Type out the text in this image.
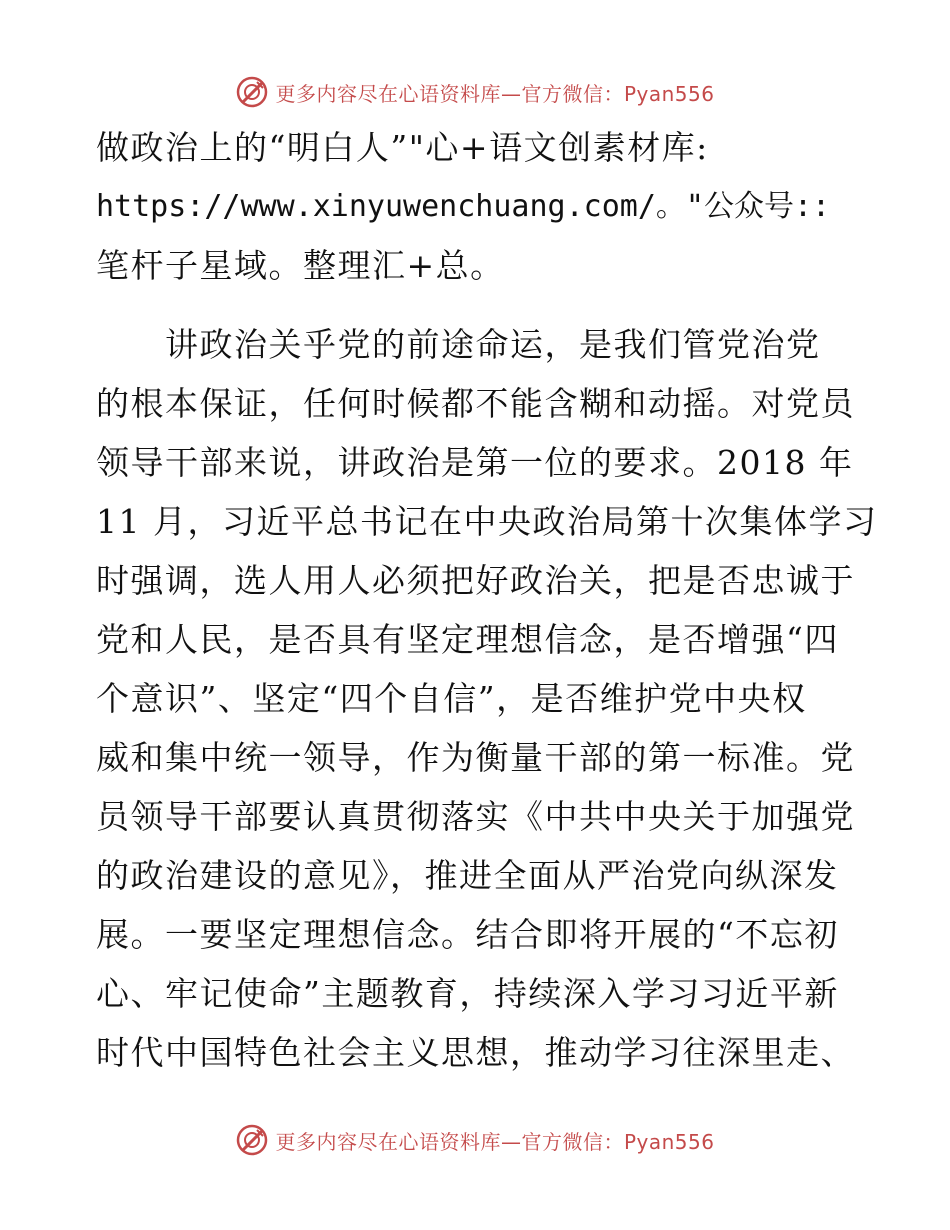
更多内容尽在心语资料库—官方微信：Pyan556
做政治上的“明白人”"心+语文创素材库:
https://www.xinyuwenchuang.com/。"公众号::
笔杆子星域。整理汇+总。
　　讲政治关乎党的前途命运，是我们管党治党
的根本保证，任何时候都不能含糊和动摇。对党员
领导干部来说，讲政治是第一位的要求。2018 年
11 月，习近平总书记在中央政治局第十次集体学习
时强调，选人用人必须把好政治关，把是否忠诚于
党和人民，是否具有坚定理想信念，是否增强“四
个意识”、坚定“四个自信”，是否维护党中央权
威和集中统一领导，作为衡量干部的第一标准。党
员领导干部要认真贯彻落实《中共中央关于加强党
的政治建设的意见》，推进全面从严治党向纵深发
展。一要坚定理想信念。结合即将开展的“不忘初
心、牢记使命”主题教育，持续深入学习习近平新
时代中国特色社会主义思想，推动学习往深里走、
更多内容尽在心语资料库—官方微信：Pyan556
